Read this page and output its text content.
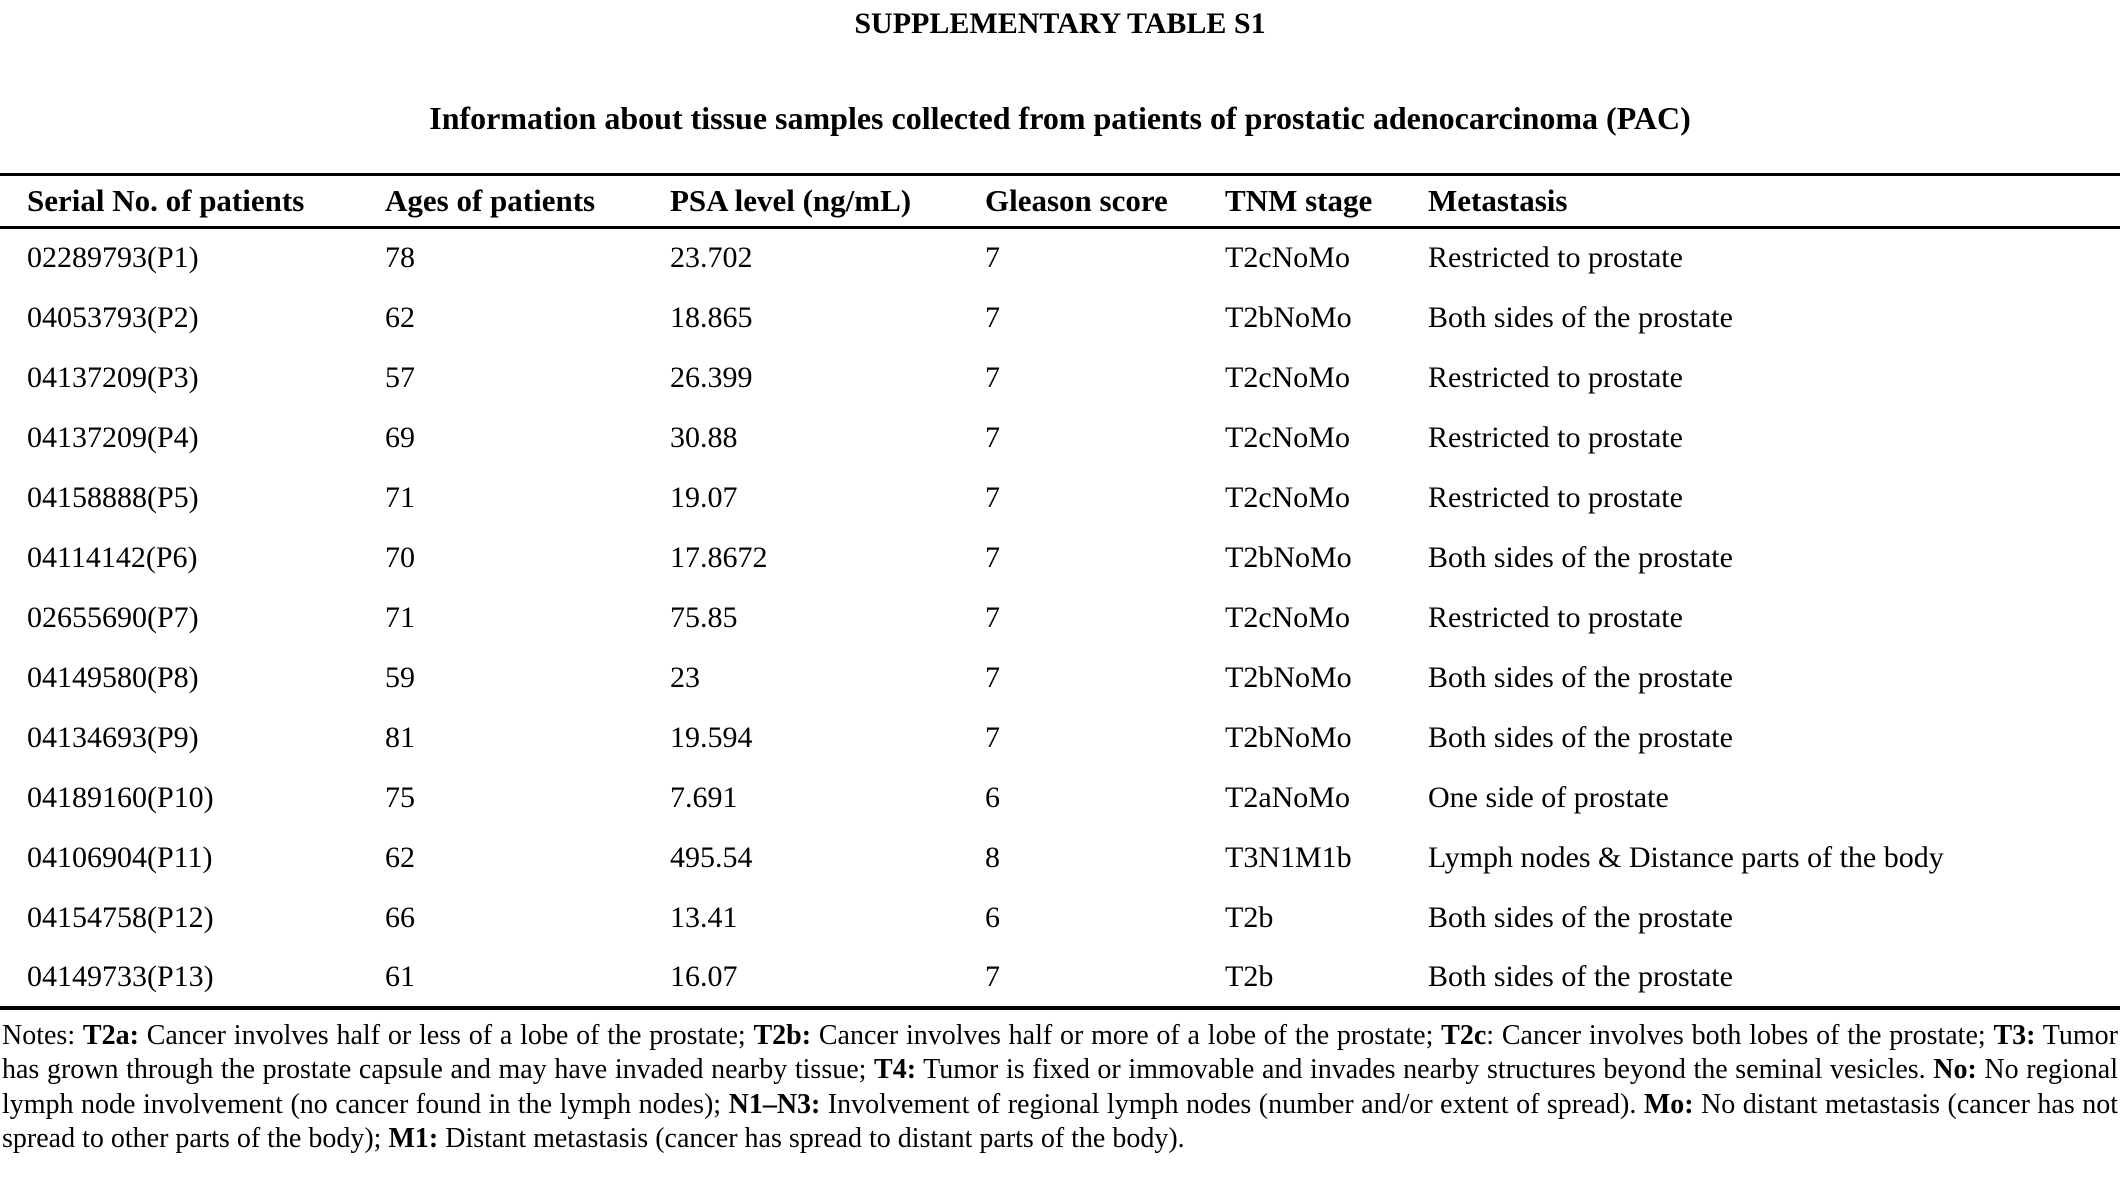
SUPPLEMENTARY TABLE S1
Information about tissue samples collected from patients of prostatic adenocarcinoma (PAC)
Serial No. of patients	Ages of patients	PSA level (ng/mL)	Gleason score	TNM stage	Metastasis
02289793(P1)	78	23.702	7	T2cNoMo	Restricted to prostate
04053793(P2)	62	18.865	7	T2bNoMo	Both sides of the prostate
04137209(P3)	57	26.399	7	T2cNoMo	Restricted to prostate
04137209(P4)	69	30.88	7	T2cNoMo	Restricted to prostate
04158888(P5)	71	19.07	7	T2cNoMo	Restricted to prostate
04114142(P6)	70	17.8672	7	T2bNoMo	Both sides of the prostate
02655690(P7)	71	75.85	7	T2cNoMo	Restricted to prostate
04149580(P8)	59	23	7	T2bNoMo	Both sides of the prostate
04134693(P9)	81	19.594	7	T2bNoMo	Both sides of the prostate
04189160(P10)	75	7.691	6	T2aNoMo	One side of prostate
04106904(P11)	62	495.54	8	T3N1M1b	Lymph nodes & Distance parts of the body
04154758(P12)	66	13.41	6	T2b	Both sides of the prostate
04149733(P13)	61	16.07	7	T2b	Both sides of the prostate

Notes: T2a: Cancer involves half or less of a lobe of the prostate; T2b: Cancer involves half or more of a lobe of the prostate; T2c: Cancer involves both lobes of the prostate; T3: Tumor has grown through the prostate capsule and may have invaded nearby tissue; T4: Tumor is fixed or immovable and invades nearby structures beyond the seminal vesicles. No: No regional lymph node involvement (no cancer found in the lymph nodes); N1–N3: Involvement of regional lymph nodes (number and/or extent of spread). Mo: No distant metastasis (cancer has not spread to other parts of the body); M1: Distant metastasis (cancer has spread to distant parts of the body).
